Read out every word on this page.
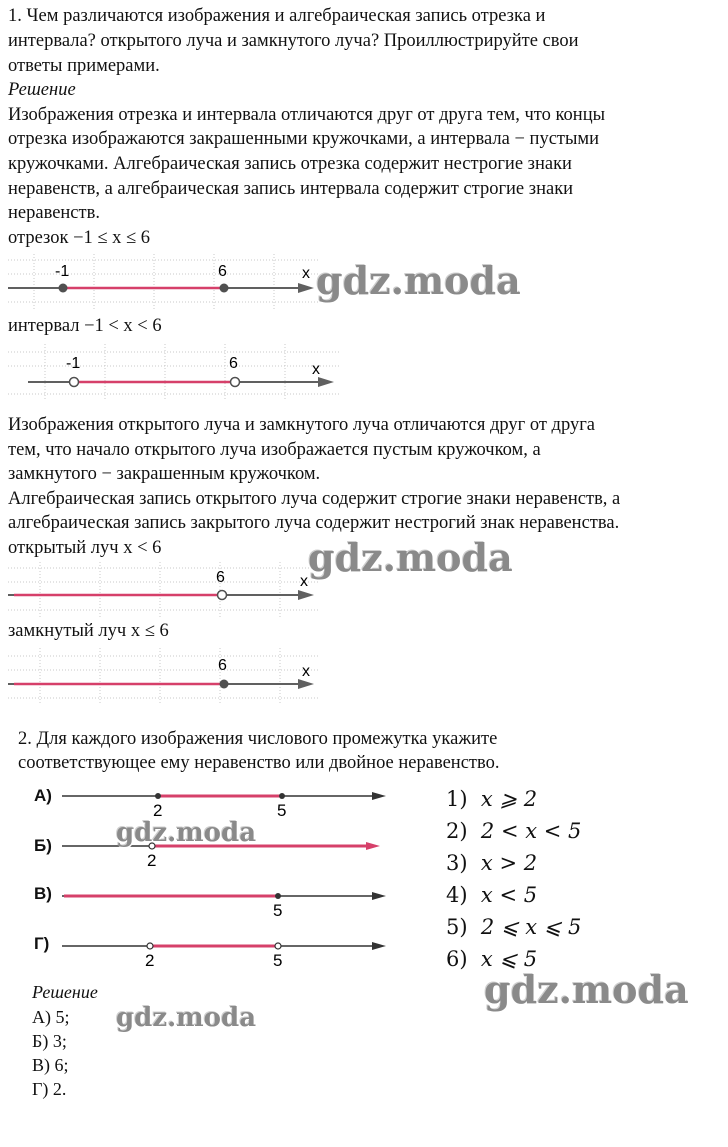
1. Чем различаются изображения и алгебраическая запись отрезка и
интервала? открытого луча и замкнутого луча? Проиллюстрируйте свои
ответы примерами.
Решение
Изображения отрезка и интервала отличаются друг от друга тем, что концы
отрезка изображаются закрашенными кружочками, а интервала − пустыми
кружочками. Алгебраическая запись отрезка содержит нестрогие знаки
неравенств, а алгебраическая запись интервала содержит строгие знаки
неравенств.
отрезок −1 ≤ x ≤ 6
-1	6	x
интервал −1 < x < 6
-1	6	x
Изображения открытого луча и замкнутого луча отличаются друг от друга
тем, что начало открытого луча изображается пустым кружочком, а
замкнутого − закрашенным кружочком.
Алгебраическая запись открытого луча содержит строгие знаки неравенств, а
алгебраическая запись закрытого луча содержит нестрогий знак неравенства.
открытый луч x < 6
6	x
замкнутый луч x ≤ 6
6	x
2. Для каждого изображения числового промежутка укажите
соответствующее ему неравенство или двойное неравенство.
А)
Б)
В)
Г)
2	5
2
5
2	5
1) x ⩾ 2
2) 2 < x < 5
3) x > 2
4) x < 5
5) 2 ⩽ x ⩽ 5
6) x ⩽ 5
Решение
А) 5;
Б) 3;
В) 6;
Г) 2.
gdz.moda
gdz.moda
gdz.moda
gdz.moda
gdz.moda
